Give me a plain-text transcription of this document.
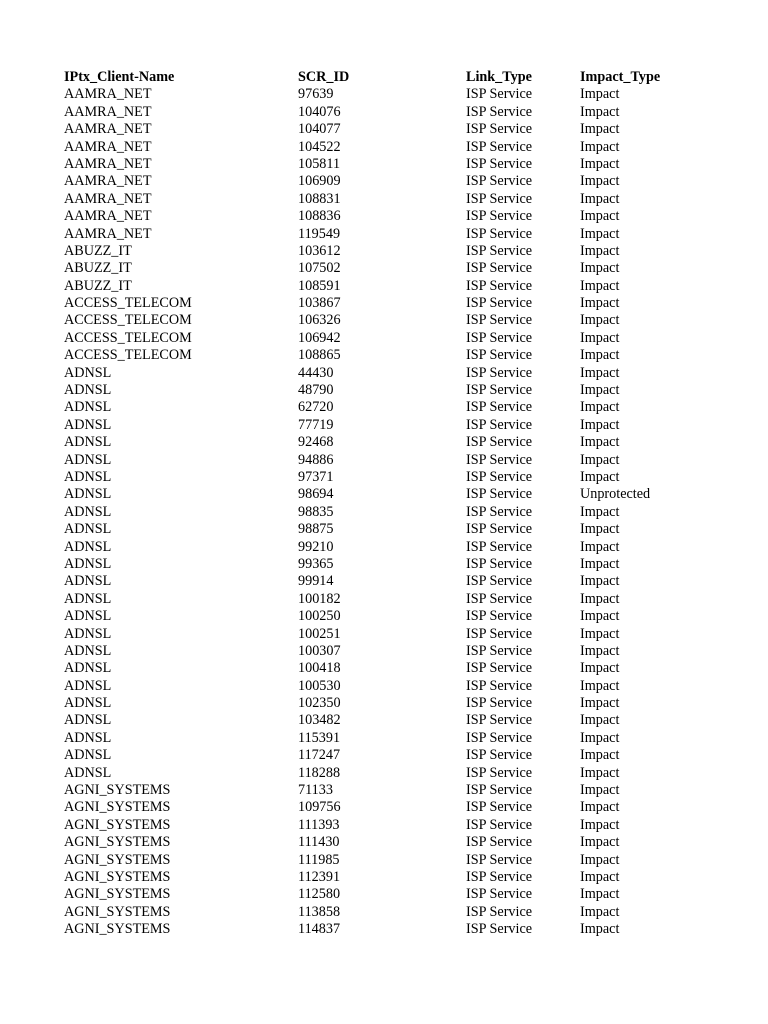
IPtx_Client-Name	SCR_ID	Link_Type	Impact_Type
AAMRA_NET	97639	ISP Service	Impact
AAMRA_NET	104076	ISP Service	Impact
AAMRA_NET	104077	ISP Service	Impact
AAMRA_NET	104522	ISP Service	Impact
AAMRA_NET	105811	ISP Service	Impact
AAMRA_NET	106909	ISP Service	Impact
AAMRA_NET	108831	ISP Service	Impact
AAMRA_NET	108836	ISP Service	Impact
AAMRA_NET	119549	ISP Service	Impact
ABUZZ_IT	103612	ISP Service	Impact
ABUZZ_IT	107502	ISP Service	Impact
ABUZZ_IT	108591	ISP Service	Impact
ACCESS_TELECOM	103867	ISP Service	Impact
ACCESS_TELECOM	106326	ISP Service	Impact
ACCESS_TELECOM	106942	ISP Service	Impact
ACCESS_TELECOM	108865	ISP Service	Impact
ADNSL	44430	ISP Service	Impact
ADNSL	48790	ISP Service	Impact
ADNSL	62720	ISP Service	Impact
ADNSL	77719	ISP Service	Impact
ADNSL	92468	ISP Service	Impact
ADNSL	94886	ISP Service	Impact
ADNSL	97371	ISP Service	Impact
ADNSL	98694	ISP Service	Unprotected
ADNSL	98835	ISP Service	Impact
ADNSL	98875	ISP Service	Impact
ADNSL	99210	ISP Service	Impact
ADNSL	99365	ISP Service	Impact
ADNSL	99914	ISP Service	Impact
ADNSL	100182	ISP Service	Impact
ADNSL	100250	ISP Service	Impact
ADNSL	100251	ISP Service	Impact
ADNSL	100307	ISP Service	Impact
ADNSL	100418	ISP Service	Impact
ADNSL	100530	ISP Service	Impact
ADNSL	102350	ISP Service	Impact
ADNSL	103482	ISP Service	Impact
ADNSL	115391	ISP Service	Impact
ADNSL	117247	ISP Service	Impact
ADNSL	118288	ISP Service	Impact
AGNI_SYSTEMS	71133	ISP Service	Impact
AGNI_SYSTEMS	109756	ISP Service	Impact
AGNI_SYSTEMS	111393	ISP Service	Impact
AGNI_SYSTEMS	111430	ISP Service	Impact
AGNI_SYSTEMS	111985	ISP Service	Impact
AGNI_SYSTEMS	112391	ISP Service	Impact
AGNI_SYSTEMS	112580	ISP Service	Impact
AGNI_SYSTEMS	113858	ISP Service	Impact
AGNI_SYSTEMS	114837	ISP Service	Impact
